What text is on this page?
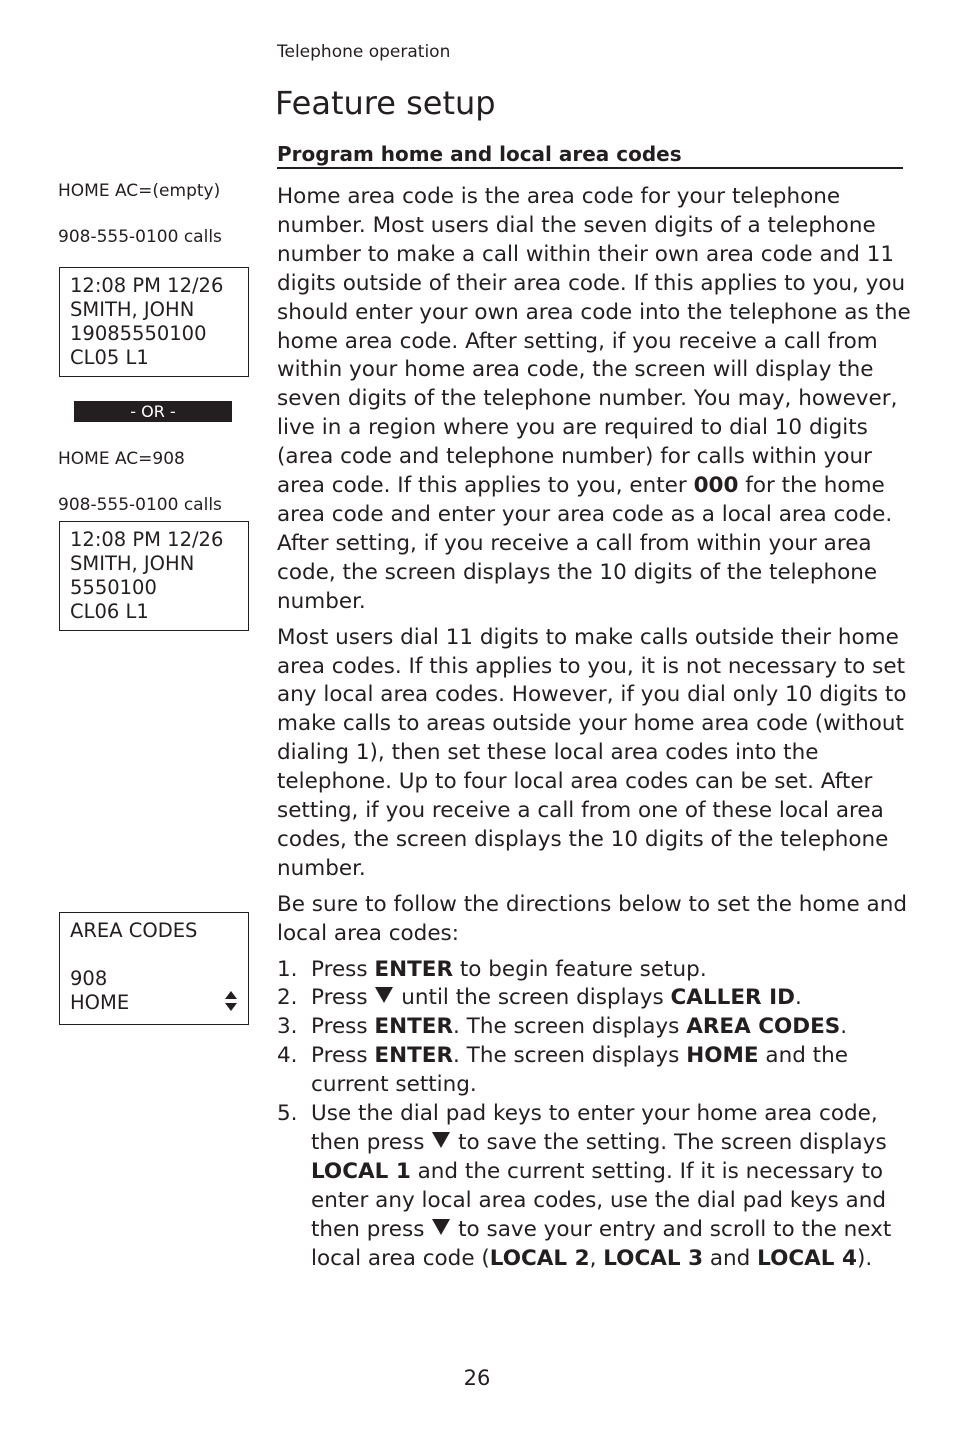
Telephone operation
Feature setup
Program home and local area codes
HOME AC=(empty)
908-555-0100 calls
12:08 PM 12/26
SMITH, JOHN
19085550100
CL05 L1
- OR -
HOME AC=908
908-555-0100 calls
12:08 PM 12/26
SMITH, JOHN
5550100
CL06 L1
AREA CODES
908
HOME

Home area code is the area code for your telephone number. Most users dial the seven digits of a telephone number to make a call within their own area code and 11 digits outside of their area code. If this applies to you, you should enter your own area code into the telephone as the home area code. After setting, if you receive a call from within your home area code, the screen will display the seven digits of the telephone number. You may, however, live in a region where you are required to dial 10 digits (area code and telephone number) for calls within your area code. If this applies to you, enter 000 for the home area code and enter your area code as a local area code. After setting, if you receive a call from within your area code, the screen displays the 10 digits of the telephone number.

Most users dial 11 digits to make calls outside their home area codes. If this applies to you, it is not necessary to set any local area codes. However, if you dial only 10 digits to make calls to areas outside your home area code (without dialing 1), then set these local area codes into the telephone. Up to four local area codes can be set. After setting, if you receive a call from one of these local area codes, the screen displays the 10 digits of the telephone number.

Be sure to follow the directions below to set the home and local area codes:

1. Press ENTER to begin feature setup.
2. Press  until the screen displays CALLER ID.
3. Press ENTER. The screen displays AREA CODES.
4. Press ENTER. The screen displays HOME and the current setting.
5. Use the dial pad keys to enter your home area code, then press  to save the setting. The screen displays LOCAL 1 and the current setting. If it is necessary to enter any local area codes, use the dial pad keys and then press  to save your entry and scroll to the next local area code (LOCAL 2, LOCAL 3 and LOCAL 4).
26
